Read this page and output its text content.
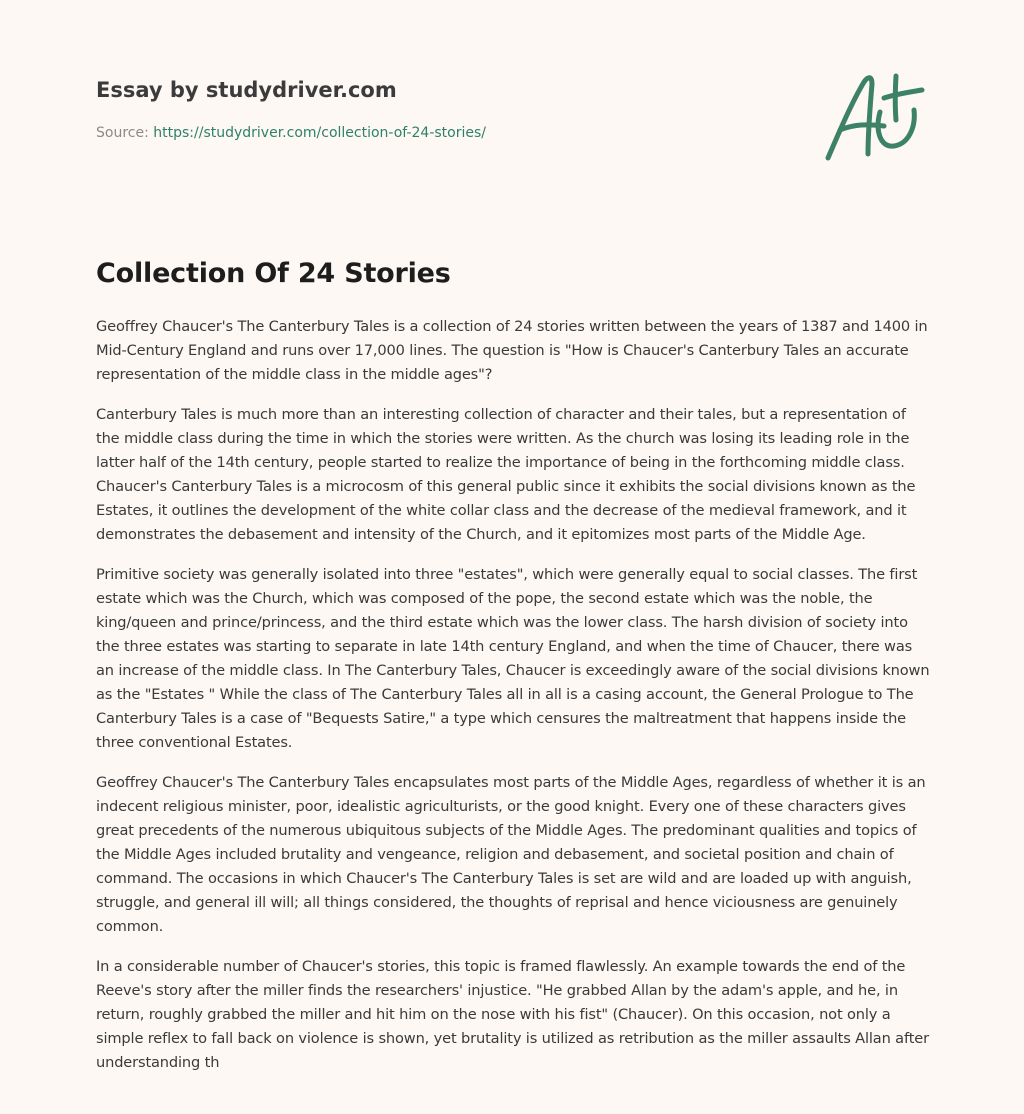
Essay by studydriver.com
Source: https://studydriver.com/collection-of-24-stories/
Collection Of 24 Stories

Geoffrey Chaucer's The Canterbury Tales is a collection of 24 stories written between the years of 1387 and 1400 in Mid-Century England and runs over 17,000 lines. The question is "How is Chaucer's Canterbury Tales an accurate representation of the middle class in the middle ages"?

Canterbury Tales is much more than an interesting collection of character and their tales, but a representation of the middle class during the time in which the stories were written. As the church was losing its leading role in the latter half of the 14th century, people started to realize the importance of being in the forthcoming middle class. Chaucer's Canterbury Tales is a microcosm of this general public since it exhibits the social divisions known as the Estates, it outlines the development of the white collar class and the decrease of the medieval framework, and it demonstrates the debasement and intensity of the Church, and it epitomizes most parts of the Middle Age.

Primitive society was generally isolated into three "estates", which were generally equal to social classes. The first estate which was the Church, which was composed of the pope, the second estate which was the noble, the king/queen and prince/princess, and the third estate which was the lower class. The harsh division of society into the three estates was starting to separate in late 14th century England, and when the time of Chaucer, there was an increase of the middle class. In The Canterbury Tales, Chaucer is exceedingly aware of the social divisions known as the "Estates " While the class of The Canterbury Tales all in all is a casing account, the General Prologue to The Canterbury Tales is a case of "Bequests Satire," a type which censures the maltreatment that happens inside the three conventional Estates.

Geoffrey Chaucer's The Canterbury Tales encapsulates most parts of the Middle Ages, regardless of whether it is an indecent religious minister, poor, idealistic agriculturists, or the good knight. Every one of these characters gives great precedents of the numerous ubiquitous subjects of the Middle Ages. The predominant qualities and topics of the Middle Ages included brutality and vengeance, religion and debasement, and societal position and chain of command. The occasions in which Chaucer's The Canterbury Tales is set are wild and are loaded up with anguish, struggle, and general ill will; all things considered, the thoughts of reprisal and hence viciousness are genuinely common.

In a considerable number of Chaucer's stories, this topic is framed flawlessly. An example towards the end of the Reeve's story after the miller finds the researchers' injustice. "He grabbed Allan by the adam's apple, and he, in return, roughly grabbed the miller and hit him on the nose with his fist" (Chaucer). On this occasion, not only a simple reflex to fall back on violence is shown, yet brutality is utilized as retribution as the miller assaults Allan after understanding th
